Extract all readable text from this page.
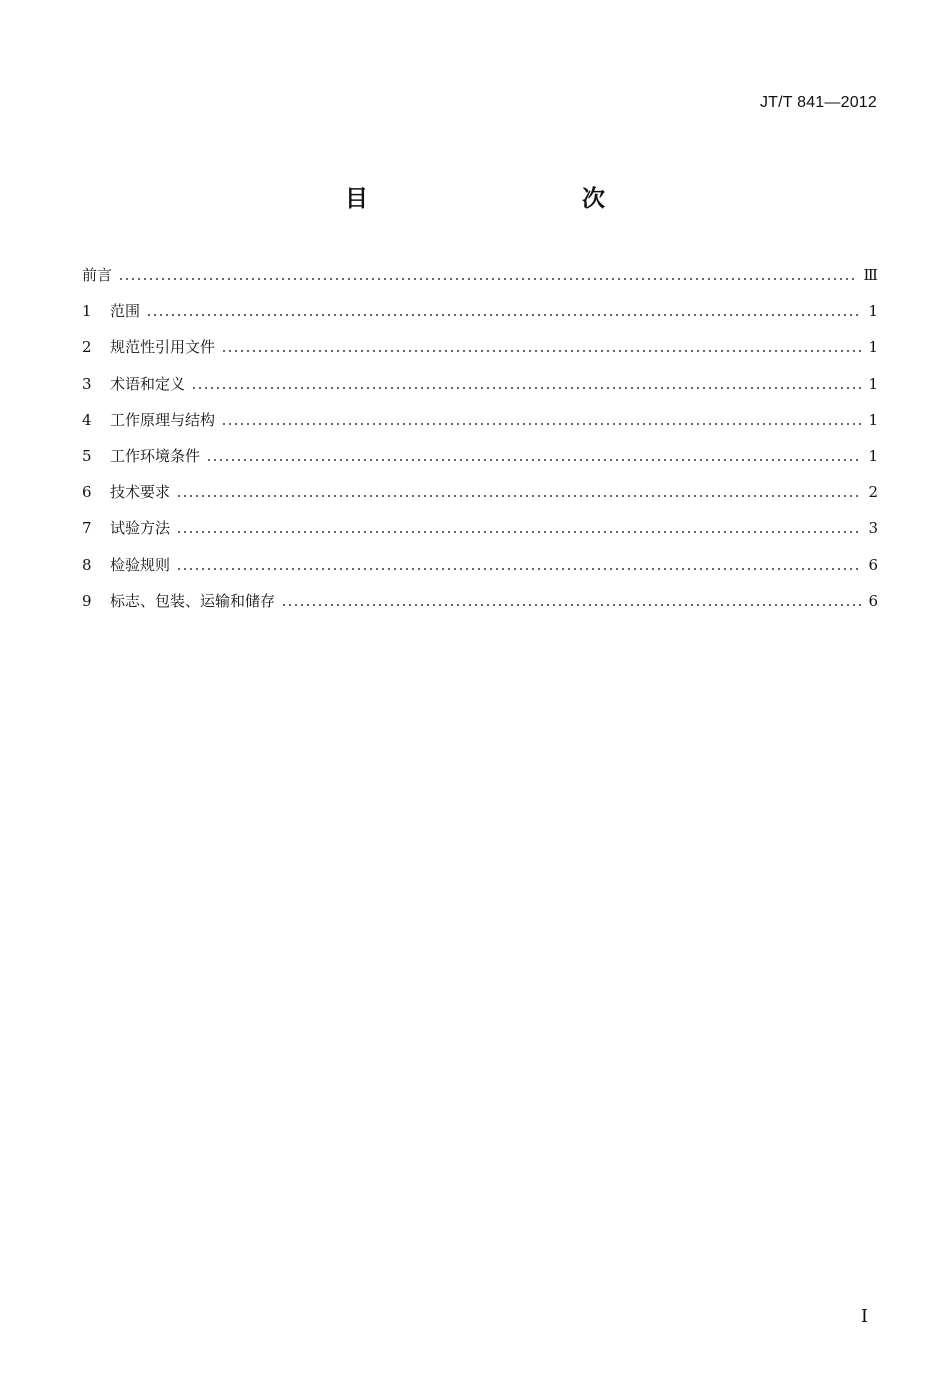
JT/T 841—2012
目　　次
前言	Ⅲ
1	范围	1
2	规范性引用文件	1
3	术语和定义	1
4	工作原理与结构	1
5	工作环境条件	1
6	技术要求	2
7	试验方法	3
8	检验规则	6
9	标志、包装、运输和储存	6
I
